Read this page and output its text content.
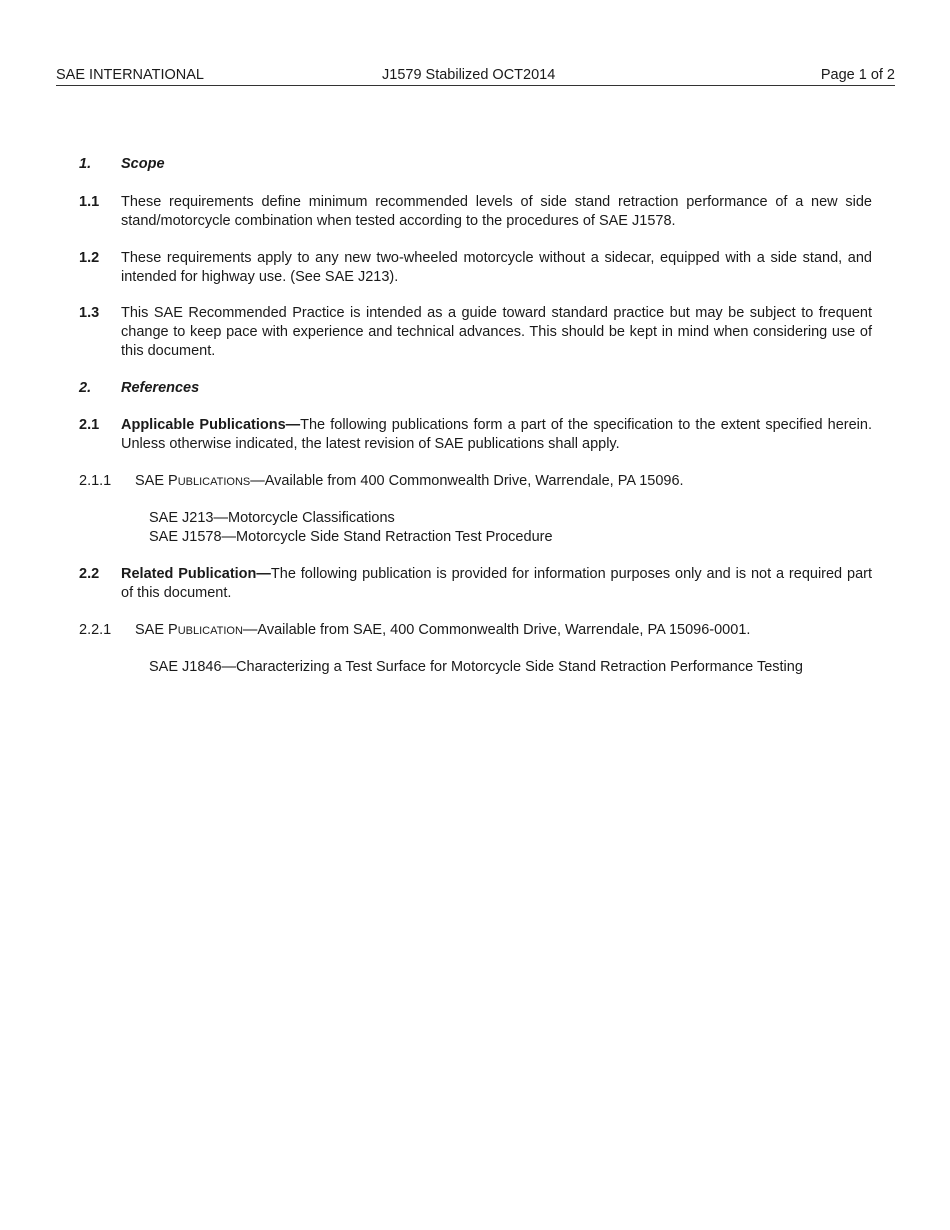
SAE INTERNATIONAL	J1579 Stabilized OCT2014	Page 1 of 2
1. Scope
1.1 These requirements define minimum recommended levels of side stand retraction performance of a new side stand/motorcycle combination when tested according to the procedures of SAE J1578.
1.2 These requirements apply to any new two-wheeled motorcycle without a sidecar, equipped with a side stand, and intended for highway use. (See SAE J213).
1.3 This SAE Recommended Practice is intended as a guide toward standard practice but may be subject to frequent change to keep pace with experience and technical advances. This should be kept in mind when considering use of this document.
2. References
2.1 Applicable Publications—The following publications form a part of the specification to the extent specified herein. Unless otherwise indicated, the latest revision of SAE publications shall apply.
2.1.1 SAE PUBLICATIONS—Available from 400 Commonwealth Drive, Warrendale, PA 15096.
SAE J213—Motorcycle Classifications
SAE J1578—Motorcycle Side Stand Retraction Test Procedure
2.2 Related Publication—The following publication is provided for information purposes only and is not a required part of this document.
2.2.1 SAE PUBLICATION—Available from SAE, 400 Commonwealth Drive, Warrendale, PA 15096-0001.
SAE J1846—Characterizing a Test Surface for Motorcycle Side Stand Retraction Performance Testing
